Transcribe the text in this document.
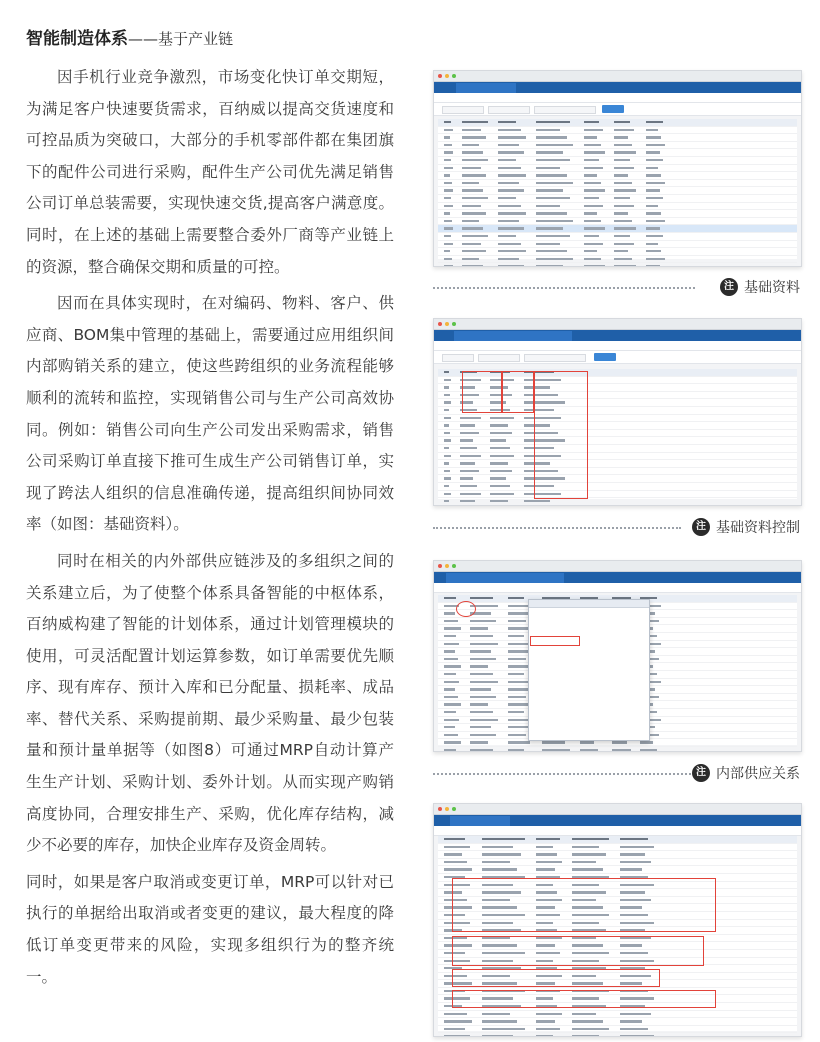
智能制造体系——基于产业链

因手机行业竞争激烈，市场变化快订单交期短，为满足客户快速要货需求，百纳威以提高交货速度和可控品质为突破口，大部分的手机零部件都在集团旗下的配件公司进行采购，配件生产公司优先满足销售公司订单总装需要，实现快速交货,提高客户满意度。同时，在上述的基础上需要整合委外厂商等产业链上的资源，整合确保交期和质量的可控。

因而在具体实现时，在对编码、物料、客户、供应商、BOM集中管理的基础上，需要通过应用组织间内部购销关系的建立，使这些跨组织的业务流程能够顺利的流转和监控，实现销售公司与生产公司高效协同。例如：销售公司向生产公司发出采购需求，销售公司采购订单直接下推可生成生产公司销售订单，实现了跨法人组织的信息准确传递，提高组织间协同效率（如图：基础资料）。

同时在相关的内外部供应链涉及的多组织之间的关系建立后，为了使整个体系具备智能的中枢体系，百纳威构建了智能的计划体系，通过计划管理模块的使用，可灵活配置计划运算参数，如订单需要优先顺序、现有库存、预计入库和已分配量、损耗率、成品率、替代关系、采购提前期、最少采购量、最少包装量和预计量单据等（如图8）可通过MRP自动计算产生生产计划、采购计划、委外计划。从而实现产购销高度协同，合理安排生产、采购，优化库存结构，减少不必要的库存，加快企业库存及资金周转。

同时，如果是客户取消或变更订单，MRP可以针对已执行的单据给出取消或者变更的建议，最大程度的降低订单变更带来的风险，实现多组织行为的整齐统一。

注 基础资料
注 基础资料控制
注 内部供应关系
